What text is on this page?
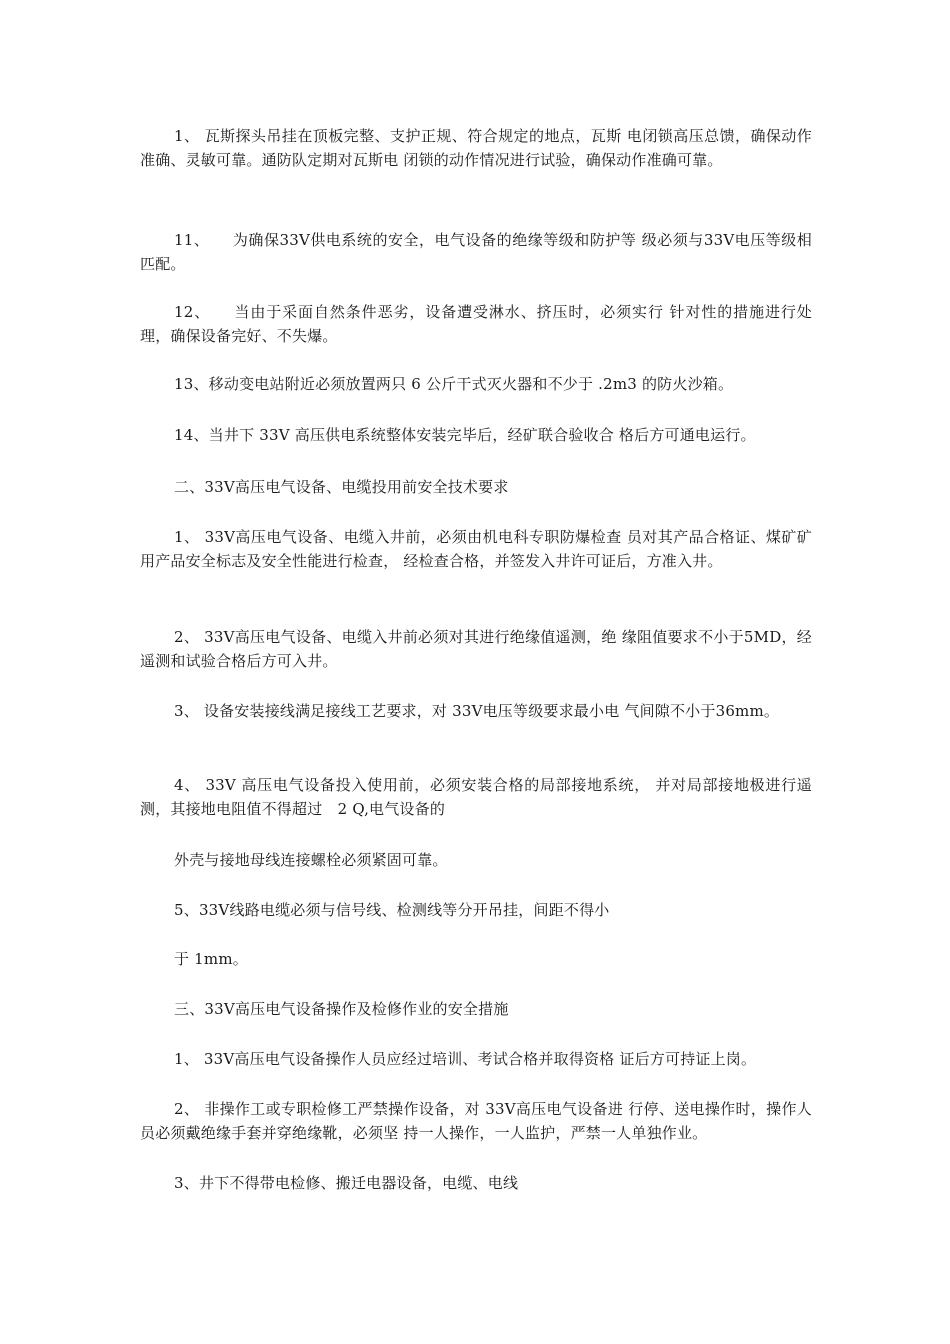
1、 瓦斯探头吊挂在顶板完整、支护正规、符合规定的地点，瓦斯 电闭锁高压总馈，确保动作准确、灵敏可靠。通防队定期对瓦斯电 闭锁的动作情况进行试验，确保动作准确可靠。

11、　　为确保33V供电系统的安全，电气设备的绝缘等级和防护等 级必须与33V电压等级相匹配。

12、　　当由于采面自然条件恶劣，设备遭受淋水、挤压时，必须实行 针对性的措施进行处理，确保设备完好、不失爆。

13、移动变电站附近必须放置两只 6 公斤干式灭火器和不少于 .2m3 的防火沙箱。

14、当井下 33V 高压供电系统整体安装完毕后，经矿联合验收合 格后方可通电运行。

二、33V高压电气设备、电缆投用前安全技术要求

1、 33V高压电气设备、电缆入井前，必须由机电科专职防爆检查 员对其产品合格证、煤矿矿用产品安全标志及安全性能进行检查， 经检查合格，并签发入井许可证后，方准入井。

2、 33V高压电气设备、电缆入井前必须对其进行绝缘值遥测，绝 缘阻值要求不小于5MD，经遥测和试验合格后方可入井。

3、 设备安装接线满足接线工艺要求，对 33V电压等级要求最小电 气间隙不小于36mm。

4、 33V 高压电气设备投入使用前，必须安装合格的局部接地系统， 并对局部接地极进行遥测，其接地电阻值不得超过　2 Q,电气设备的

外壳与接地母线连接螺栓必须紧固可靠。

5、33V线路电缆必须与信号线、检测线等分开吊挂，间距不得小

于 1mm。

三、33V高压电气设备操作及检修作业的安全措施

1、 33V高压电气设备操作人员应经过培训、考试合格并取得资格 证后方可持证上岗。

2、 非操作工或专职检修工严禁操作设备，对 33V高压电气设备进 行停、送电操作时，操作人员必须戴绝缘手套并穿绝缘靴，必须坚 持一人操作，一人监护，严禁一人单独作业。

3、井下不得带电检修、搬迁电器设备，电缆、电线
